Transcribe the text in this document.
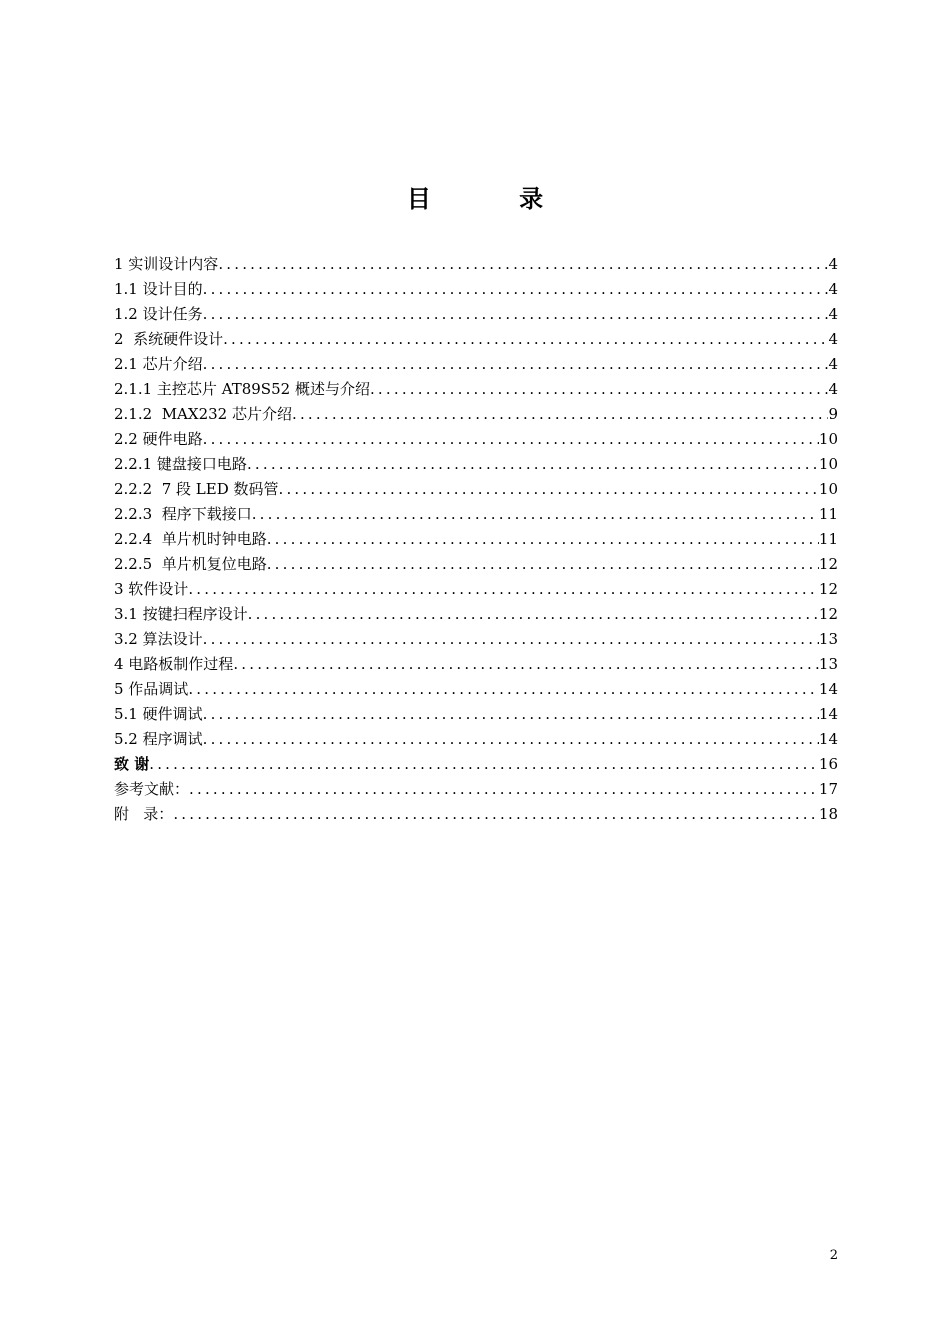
目 录
1 实训设计内容 .....	4
1.1 设计目的 .....	4
1.2 设计任务 .....	4
2  系统硬件设计 .....	4
2.1 芯片介绍 .....	4
2.1.1 主控芯片 AT89S52 概述与介绍 .....	4
2.1.2  MAX232 芯片介绍 .....	9
2.2 硬件电路 .....	10
2.2.1 键盘接口电路 .....	10
2.2.2  7 段 LED 数码管 .....	10
2.2.3  程序下载接口 .....	11
2.2.4  单片机时钟电路 .....	11
2.2.5  单片机复位电路 .....	12
3 软件设计 .....	12
3.1 按键扫程序设计 .....	12
3.2 算法设计 .....	13
4 电路板制作过程 .....	13
5 作品调试 .....	14
5.1 硬件调试 .....	14
5.2 程序调试 .....	14
致 谢 .....	16
参考文献： .....	17
附   录： .....	18
2
